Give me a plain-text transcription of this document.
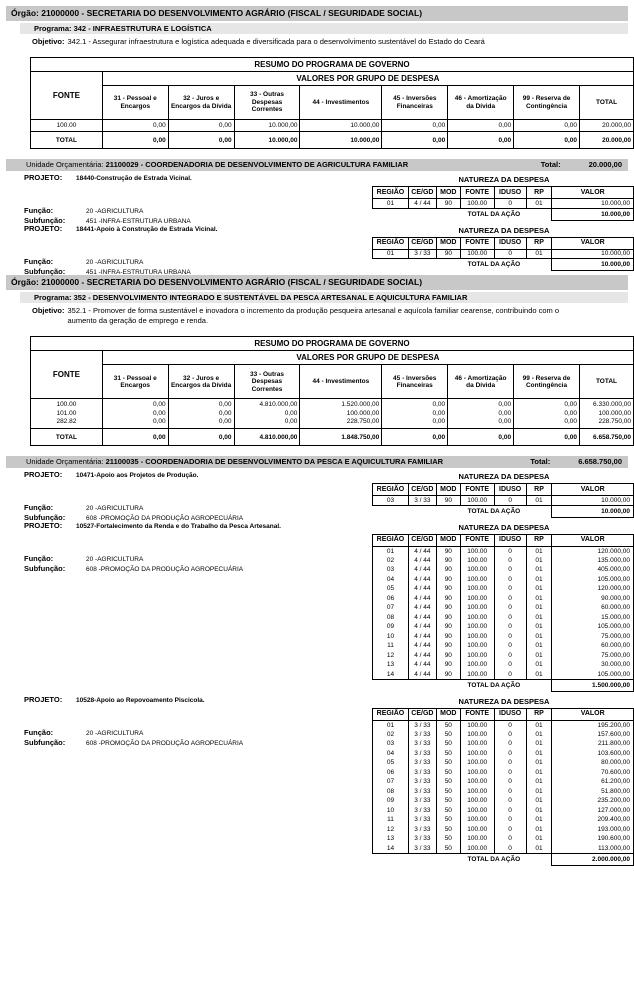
Órgão: 21000000 - SECRETARIA DO DESENVOLVIMENTO AGRÁRIO (FISCAL / SEGURIDADE SOCIAL)
Programa: 342 - INFRAESTRUTURA E LOGÍSTICA
Objetivo: 342.1 - Assegurar infraestrutura e logística adequada e diversificada para o desenvolvimento sustentável do Estado do Ceará
RESUMO DO PROGRAMA DE GOVERNO								
FONTE	VALORES POR GRUPO DE DESPESA							
	31 - Pessoal e Encargos	32 - Juros e Encargos da Dívida	33 - Outras Despesas Correntes	44 - Investimentos	45 - Inversões Financeiras	46 - Amortização da Dívida	99 - Reserva de Contingência	TOTAL
100.00	0,00	0,00	10.000,00	10.000,00	0,00	0,00	0,00	20.000,00
TOTAL	0,00	0,00	10.000,00	10.000,00	0,00	0,00	0,00	20.000,00
Unidade Orçamentária: 21100029 - COORDENADORIA DE DESENVOLVIMENTO DE AGRICULTURA FAMILIAR	Total:	20.000,00
PROJETO: 18440-Construção de Estrada Vicinal.
Função:	20 -AGRICULTURA
Subfunção:	451 -INFRA-ESTRUTURA URBANA
NATUREZA DA DESPESA
REGIÃO	CE/GD	MOD	FONTE	IDUSO	RP	VALOR
01	4 / 44	90	100.00	0	01	10.000,00
		TOTAL DA AÇÃO				10.000,00
PROJETO: 18441-Apoio à Construção de Estrada Vicinal.
Função:	20 -AGRICULTURA
Subfunção:	451 -INFRA-ESTRUTURA URBANA
NATUREZA DA DESPESA
REGIÃO	CE/GD	MOD	FONTE	IDUSO	RP	VALOR
01	3 / 33	90	100.00	0	01	10.000,00
		TOTAL DA AÇÃO				10.000,00
Órgão: 21000000 - SECRETARIA DO DESENVOLVIMENTO AGRÁRIO (FISCAL / SEGURIDADE SOCIAL)
Programa: 352 - DESENVOLVIMENTO INTEGRADO E SUSTENTÁVEL DA PESCA ARTESANAL E AQUICULTURA FAMILIAR
Objetivo: 352.1 - Promover de forma sustentável e inovadora o incremento da produção pesqueira artesanal e aquícola familiar cearense, contribuindo com o
aumento da geração de emprego e renda.
RESUMO DO PROGRAMA DE GOVERNO								
FONTE	VALORES POR GRUPO DE DESPESA							
	31 - Pessoal e Encargos	32 - Juros e Encargos da Dívida	33 - Outras Despesas Correntes	44 - Investimentos	45 - Inversões Financeiras	46 - Amortização da Dívida	99 - Reserva de Contingência	TOTAL
100.00	0,00	0,00	4.810.000,00	1.520.000,00	0,00	0,00	0,00	6.330.000,00
101.00	0,00	0,00	0,00	100.000,00	0,00	0,00	0,00	100.000,00
282.82	0,00	0,00	0,00	228.750,00	0,00	0,00	0,00	228.750,00
TOTAL	0,00	0,00	4.810.000,00	1.848.750,00	0,00	0,00	0,00	6.658.750,00
Unidade Orçamentária: 21100035 - COORDENADORIA DE DESENVOLVIMENTO DA PESCA E AQUICULTURA FAMILIAR	Total:	6.658.750,00
PROJETO: 10471-Apoio aos Projetos de Produção.
Função:	20 -AGRICULTURA
Subfunção:	608 -PROMOÇÃO DA PRODUÇÃO AGROPECUÁRIA
NATUREZA DA DESPESA
REGIÃO	CE/GD	MOD	FONTE	IDUSO	RP	VALOR
03	3 / 33	90	100.00	0	01	10.000,00
		TOTAL DA AÇÃO				10.000,00
PROJETO: 10527-Fortalecimento da Renda e do Trabalho da Pesca Artesanal.
Função:	20 -AGRICULTURA
Subfunção:	608 -PROMOÇÃO DA PRODUÇÃO AGROPECUÁRIA
NATUREZA DA DESPESA
REGIÃO	CE/GD	MOD	FONTE	IDUSO	RP	VALOR
01	4 / 44	90	100.00	0	01	120.000,00
02	4 / 44	90	100.00	0	01	135.000,00
03	4 / 44	90	100.00	0	01	405.000,00
04	4 / 44	90	100.00	0	01	105.000,00
05	4 / 44	90	100.00	0	01	120.000,00
06	4 / 44	90	100.00	0	01	90.000,00
07	4 / 44	90	100.00	0	01	60.000,00
08	4 / 44	90	100.00	0	01	15.000,00
09	4 / 44	90	100.00	0	01	105.000,00
10	4 / 44	90	100.00	0	01	75.000,00
11	4 / 44	90	100.00	0	01	60.000,00
12	4 / 44	90	100.00	0	01	75.000,00
13	4 / 44	90	100.00	0	01	30.000,00
14	4 / 44	90	100.00	0	01	105.000,00
		TOTAL DA AÇÃO				1.500.000,00
PROJETO: 10528-Apoio ao Repovoamento Piscicola.
Função:	20 -AGRICULTURA
Subfunção:	608 -PROMOÇÃO DA PRODUÇÃO AGROPECUÁRIA
NATUREZA DA DESPESA
REGIÃO	CE/GD	MOD	FONTE	IDUSO	RP	VALOR
01	3 / 33	50	100.00	0	01	195.200,00
02	3 / 33	50	100.00	0	01	157.600,00
03	3 / 33	50	100.00	0	01	211.800,00
04	3 / 33	50	100.00	0	01	103.600,00
05	3 / 33	50	100.00	0	01	80.000,00
06	3 / 33	50	100.00	0	01	70.600,00
07	3 / 33	50	100.00	0	01	61.200,00
08	3 / 33	50	100.00	0	01	51.800,00
09	3 / 33	50	100.00	0	01	235.200,00
10	3 / 33	50	100.00	0	01	127.000,00
11	3 / 33	50	100.00	0	01	209.400,00
12	3 / 33	50	100.00	0	01	193.000,00
13	3 / 33	50	100.00	0	01	190.600,00
14	3 / 33	50	100.00	0	01	113.000,00
		TOTAL DA AÇÃO				2.000.000,00
